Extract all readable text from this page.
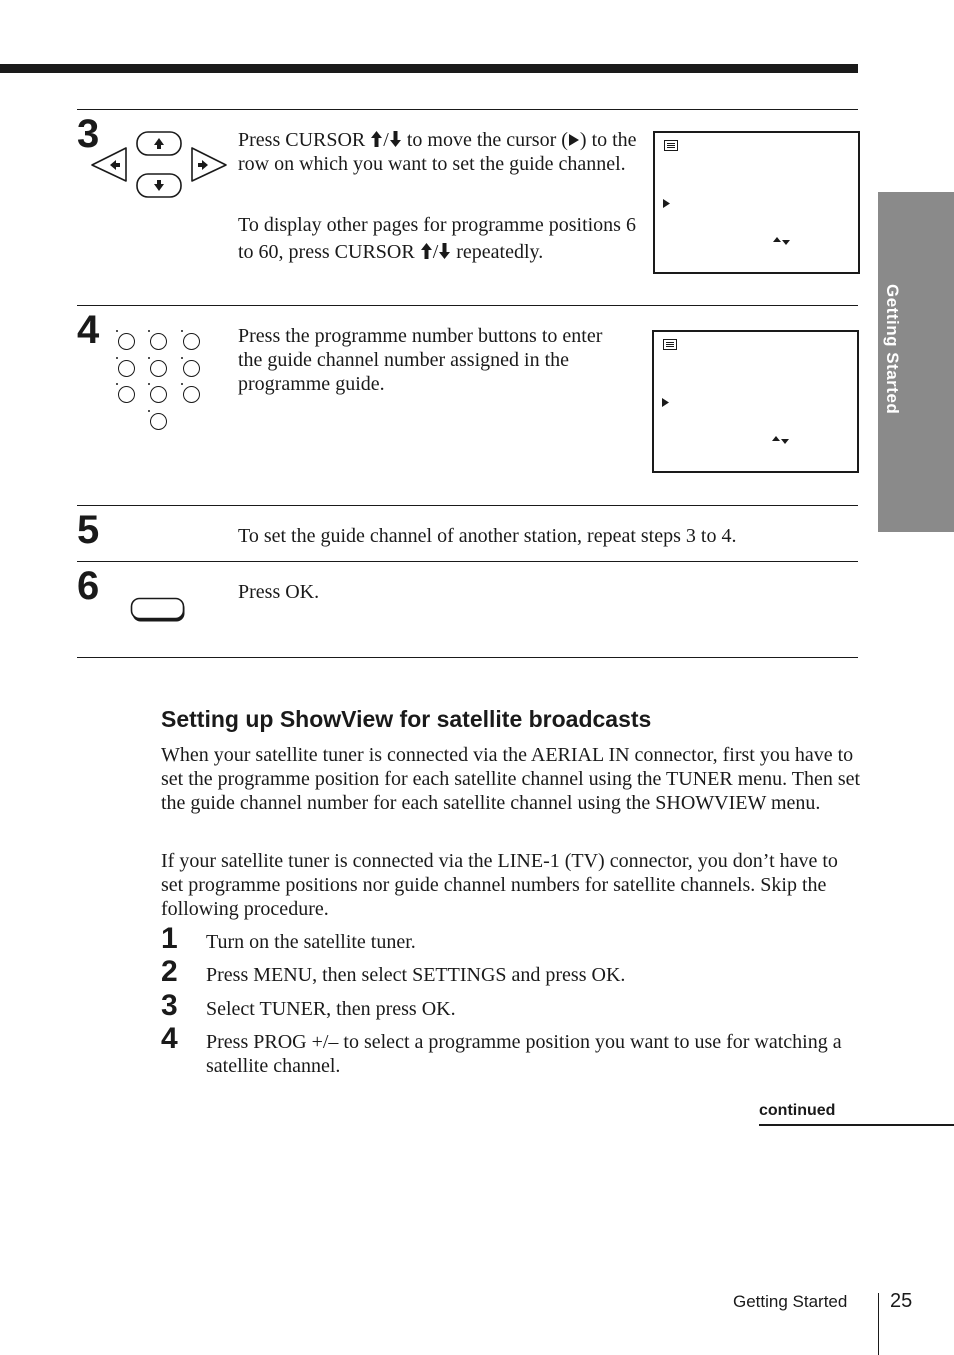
Getting Started
3	Press CURSOR / to move the cursor ( ) to the row on which you want to set the guide channel.
To display other pages for programme positions 6 to 60, press CURSOR / repeatedly.
4	Press the programme number buttons to enter the guide channel number assigned in the programme guide.
5	To set the guide channel of another station, repeat steps 3 to 4.
6	Press OK.
Setting up ShowView for satellite broadcasts
When your satellite tuner is connected via the AERIAL IN connector, first you have to set the programme position for each satellite channel using the TUNER menu. Then set the guide channel number for each satellite channel using the SHOWVIEW menu.
If your satellite tuner is connected via the LINE-1 (TV) connector, you don’t have to set programme positions nor guide channel numbers for satellite channels. Skip the following procedure.
1 Turn on the satellite tuner.
2 Press MENU, then select SETTINGS and press OK.
3 Select TUNER, then press OK.
4 Press PROG +/– to select a programme position you want to use for watching a satellite channel.
continued
Getting Started 25
